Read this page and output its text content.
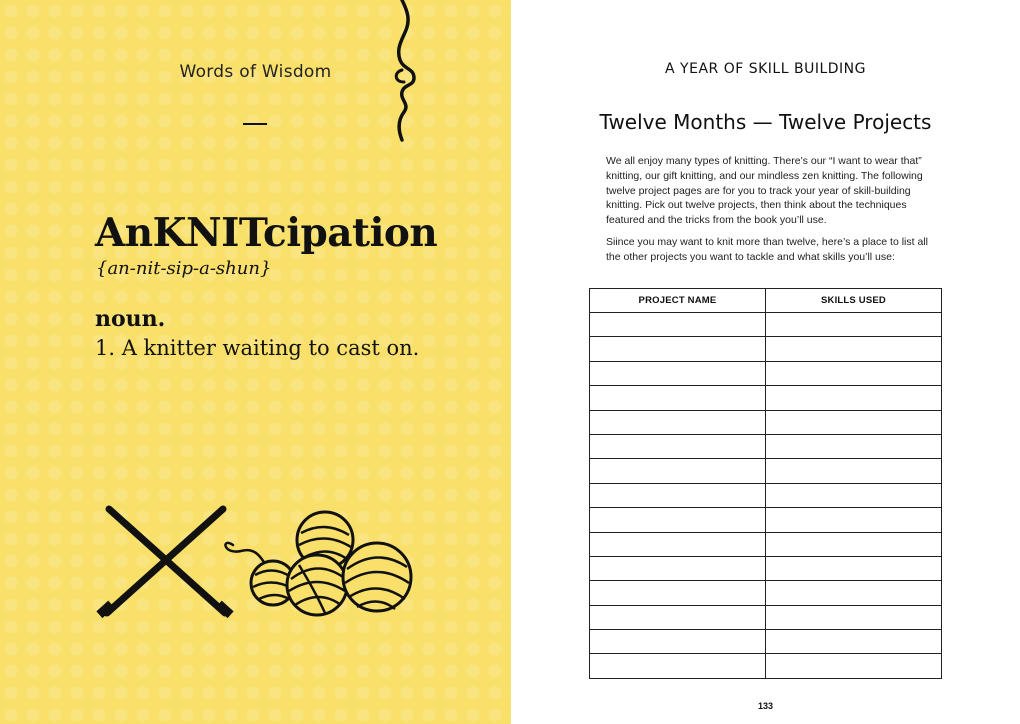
Words of Wisdom

AnKNITcipation

{an-nit-sip-a-shun}

noun.

1. A knitter waiting to cast on.

A YEAR OF SKILL BUILDING

Twelve Months — Twelve Projects

We all enjoy many types of knitting. There’s our “I want to wear that” knitting, our gift knitting, and our mindless zen knitting. The following twelve project pages are for you to track your year of skill-building knitting. Pick out twelve projects, then think about the techniques featured and the tricks from the book you’ll use.

Siince you may want to knit more than twelve, here’s a place to list all the other projects you want to tackle and what skills you’ll use:

PROJECT NAME	SKILLS USED

133
